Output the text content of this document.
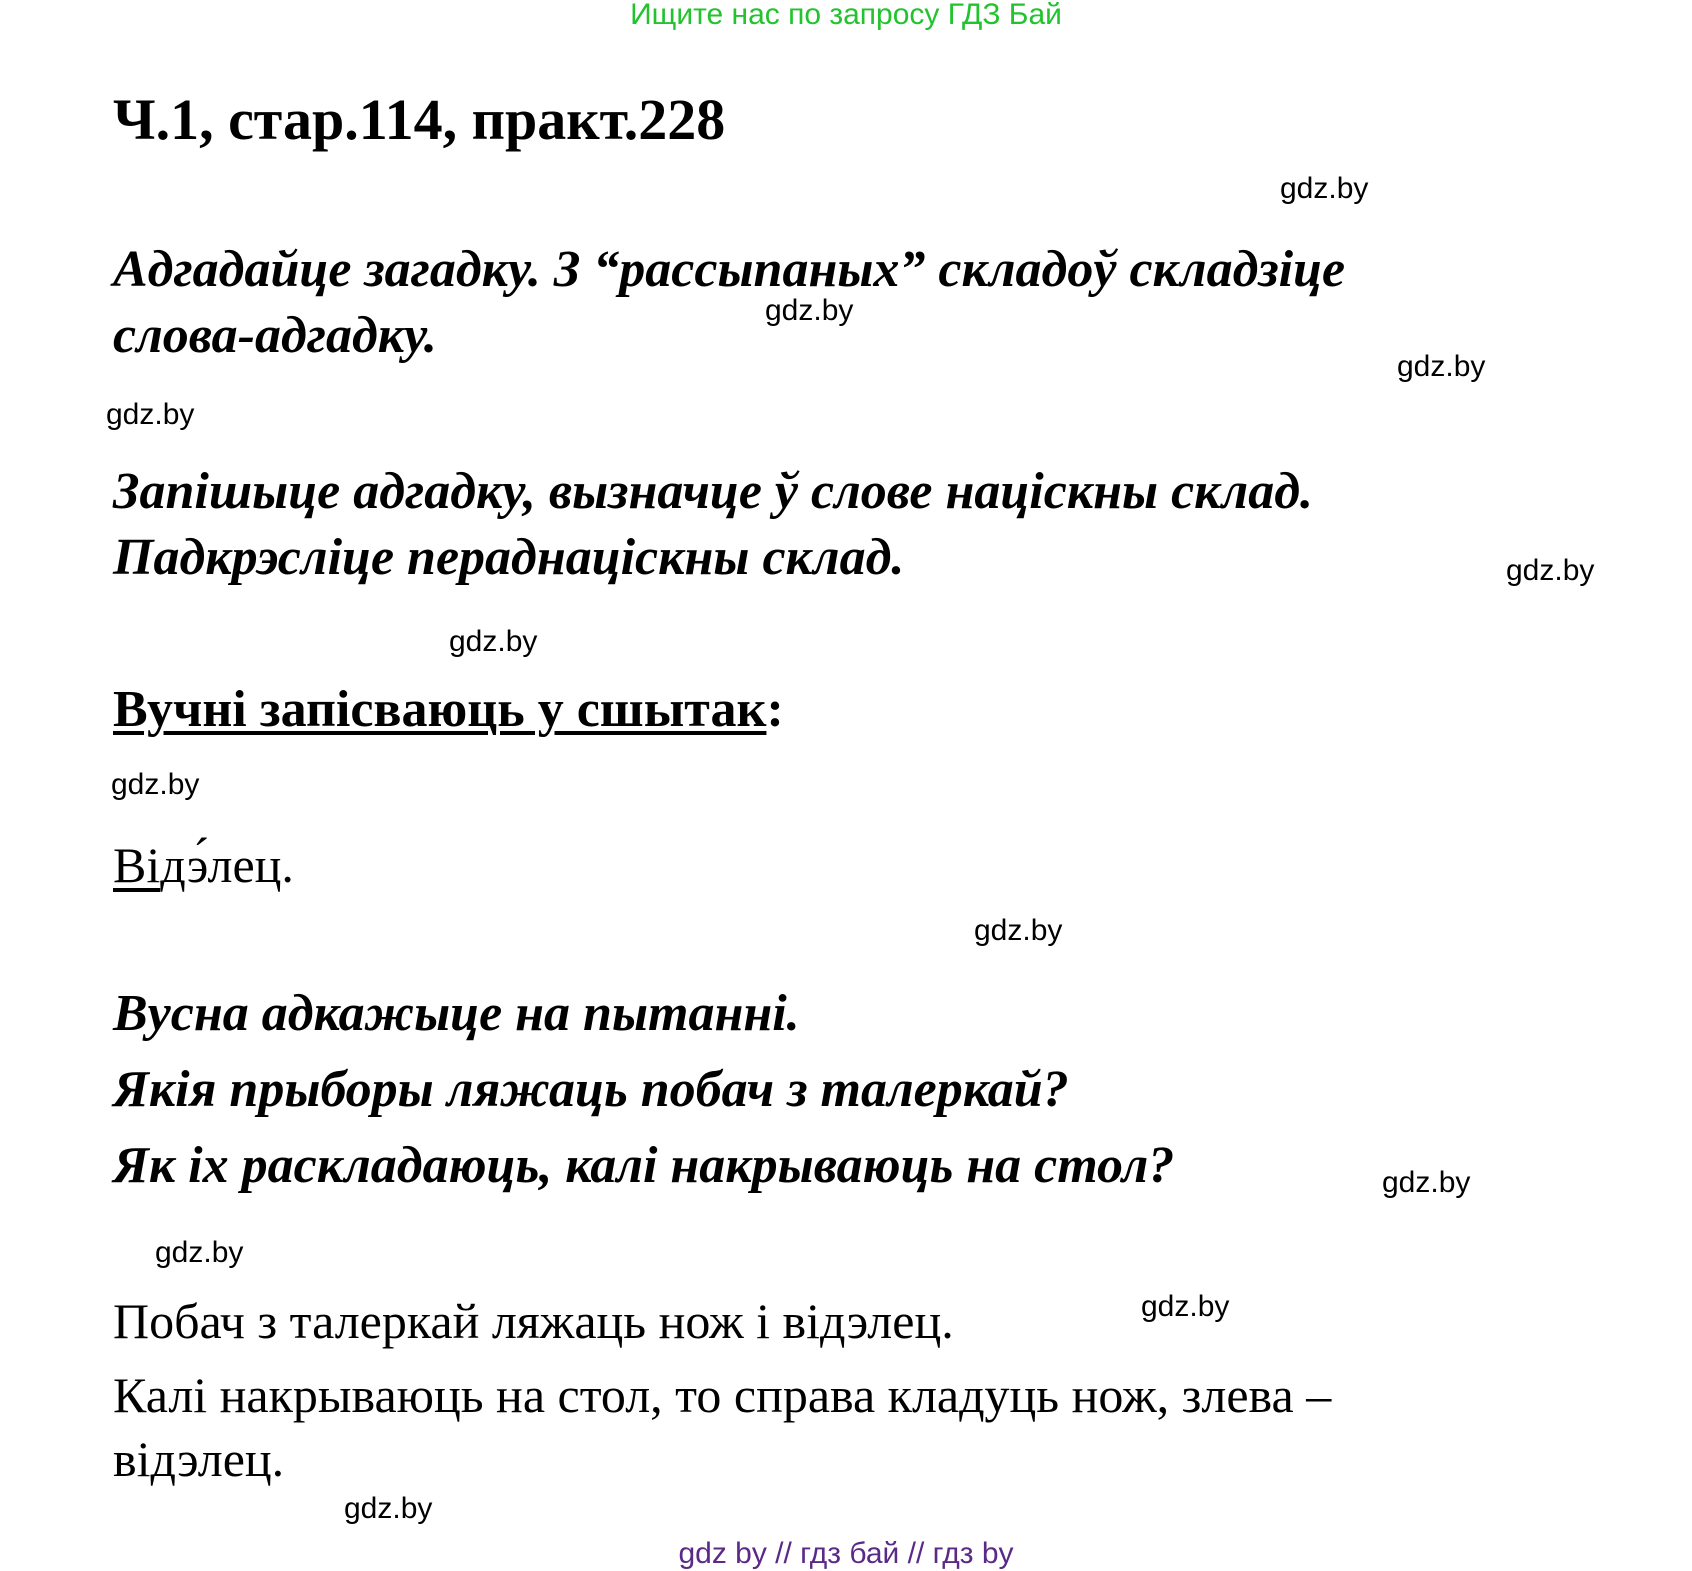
Ищите нас по запросу ГДЗ Бай
Ч.1, стар.114, практ.228
gdz.by
Адгадайце загадку. З “рассыпаных” складоў складзіце
gdz.by
слова-адгадку.
gdz.by
gdz.by
Запішыце адгадку, вызначце ў слове націскны склад.
Падкрэсліце пераднаціскны склад.	gdz.by
gdz.by
Вучні запісваюць у сшытак:
gdz.by
Відэ́лец.
gdz.by
Вусна адкажыце на пытанні.
Якія прыборы ляжаць побач з талеркай?
Як іх раскладаюць, калі накрываюць на стол?	gdz.by
gdz.by
Побач з талеркай ляжаць нож і відэлец.	gdz.by
Калі накрываюць на стол, то справа кладуць нож, злева –
відэлец.
gdz.by
gdz by // гдз бай // гдз by
